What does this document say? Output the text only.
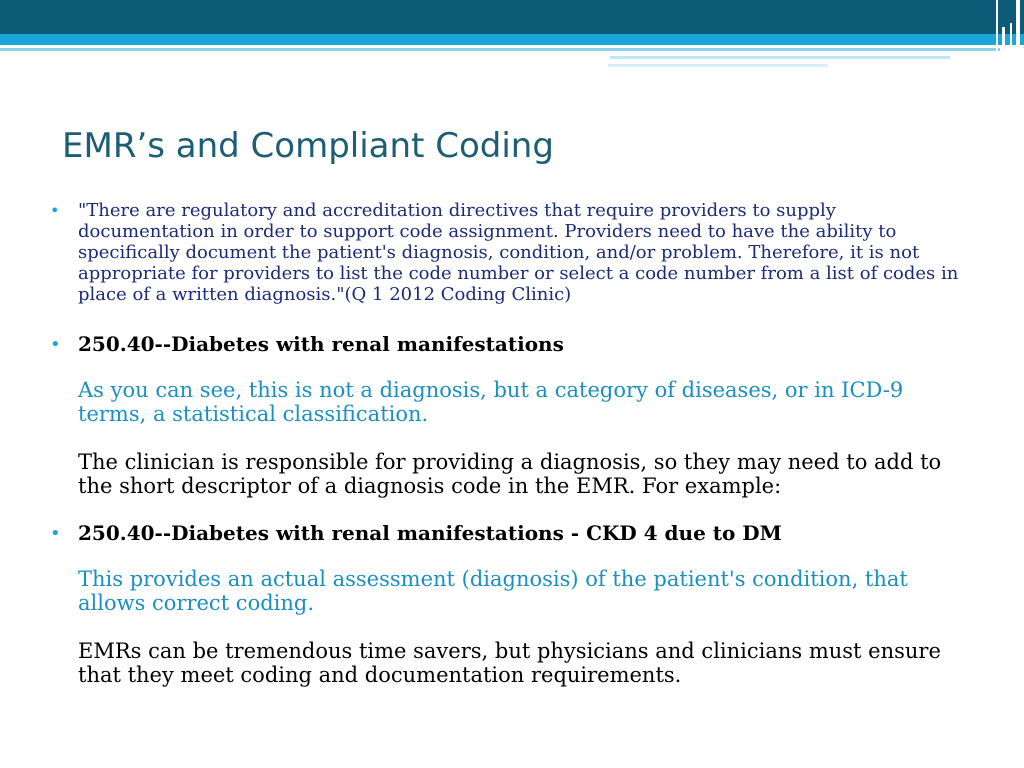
EMR’s and Compliant Coding
• "There are regulatory and accreditation directives that require providers to supply documentation in order to support code assignment. Providers need to have the ability to specifically document the patient's diagnosis, condition, and/or problem. Therefore, it is not appropriate for providers to list the code number or select a code number from a list of codes in place of a written diagnosis."(Q 1 2012 Coding Clinic)

• 250.40--Diabetes with renal manifestations

As you can see, this is not a diagnosis, but a category of diseases, or in ICD-9 terms, a statistical classification.

The clinician is responsible for providing a diagnosis, so they may need to add to the short descriptor of a diagnosis code in the EMR. For example:

• 250.40--Diabetes with renal manifestations - CKD 4 due to DM

This provides an actual assessment (diagnosis) of the patient's condition, that allows correct coding.

EMRs can be tremendous time savers, but physicians and clinicians must ensure that they meet coding and documentation requirements.
